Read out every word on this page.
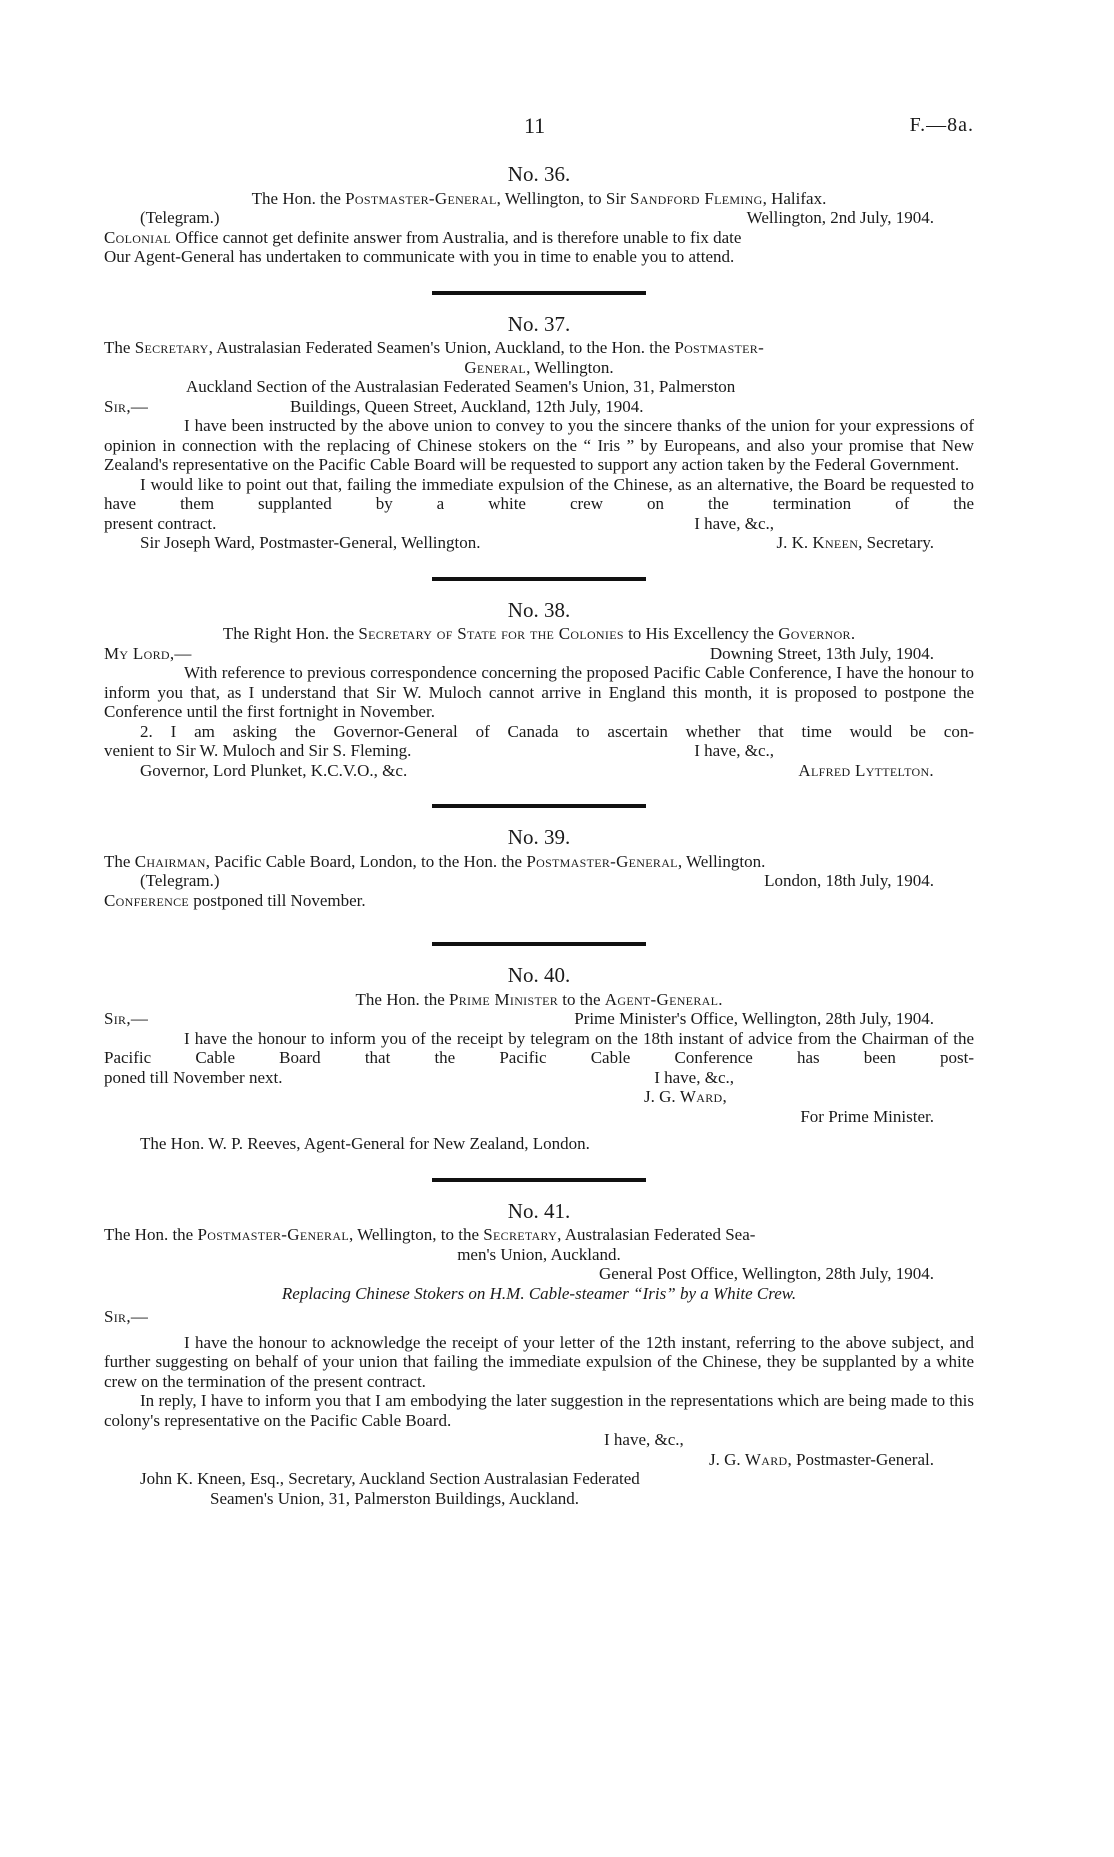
11	F.—8a.
No. 36.
The Hon. the Postmaster-General, Wellington, to Sir Sandford Fleming, Halifax.
(Telegram.)	Wellington, 2nd July, 1904.
Colonial Office cannot get definite answer from Australia, and is therefore unable to fix date
Our Agent-General has undertaken to communicate with you in time to enable you to attend.
No. 37.
The Secretary, Australasian Federated Seamen's Union, Auckland, to the Hon. the Postmaster-
General, Wellington.
Auckland Section of the Australasian Federated Seamen's Union, 31, Palmerston
Buildings, Queen Street, Auckland, 12th July, 1904.
Sir,—
I have been instructed by the above union to convey to you the sincere thanks of the union for your expressions of opinion in connection with the replacing of Chinese stokers on the “ Iris ” by Europeans, and also your promise that New Zealand's representative on the Pacific Cable Board will be requested to support any action taken by the Federal Government.
I would like to point out that, failing the immediate expulsion of the Chinese, as an alternative, the Board be requested to have them supplanted by a white crew on the termination of the
present contract.	I have, &c.,
Sir Joseph Ward, Postmaster-General, Wellington.	J. K. Kneen, Secretary.
No. 38.
The Right Hon. the Secretary of State for the Colonies to His Excellency the Governor.
My Lord,—	Downing Street, 13th July, 1904.
With reference to previous correspondence concerning the proposed Pacific Cable Conference, I have the honour to inform you that, as I understand that Sir W. Muloch cannot arrive in England this month, it is proposed to postpone the Conference until the first fortnight in November.
2. I am asking the Governor-General of Canada to ascertain whether that time would be con-
venient to Sir W. Muloch and Sir S. Fleming.	I have, &c.,
Governor, Lord Plunket, K.C.V.O., &c.	Alfred Lyttelton.
No. 39.
The Chairman, Pacific Cable Board, London, to the Hon. the Postmaster-General, Wellington.
(Telegram.)	London, 18th July, 1904.
Conference postponed till November.
No. 40.
The Hon. the Prime Minister to the Agent-General.
Sir,—	Prime Minister's Office, Wellington, 28th July, 1904.
I have the honour to inform you of the receipt by telegram on the 18th instant of advice from the Chairman of the Pacific Cable Board that the Pacific Cable Conference has been post-
poned till November next.	I have, &c.,
J. G. Ward,
For Prime Minister.
The Hon. W. P. Reeves, Agent-General for New Zealand, London.
No. 41.
The Hon. the Postmaster-General, Wellington, to the Secretary, Australasian Federated Sea-
men's Union, Auckland.
General Post Office, Wellington, 28th July, 1904.
Replacing Chinese Stokers on H.M. Cable-steamer “Iris” by a White Crew.
Sir,—
I have the honour to acknowledge the receipt of your letter of the 12th instant, referring to the above subject, and further suggesting on behalf of your union that failing the immediate expulsion of the Chinese, they be supplanted by a white crew on the termination of the present contract.
In reply, I have to inform you that I am embodying the later suggestion in the representations which are being made to this colony's representative on the Pacific Cable Board.
I have, &c.,
J. G. Ward, Postmaster-General.
John K. Kneen, Esq., Secretary, Auckland Section Australasian Federated
Seamen's Union, 31, Palmerston Buildings, Auckland.
